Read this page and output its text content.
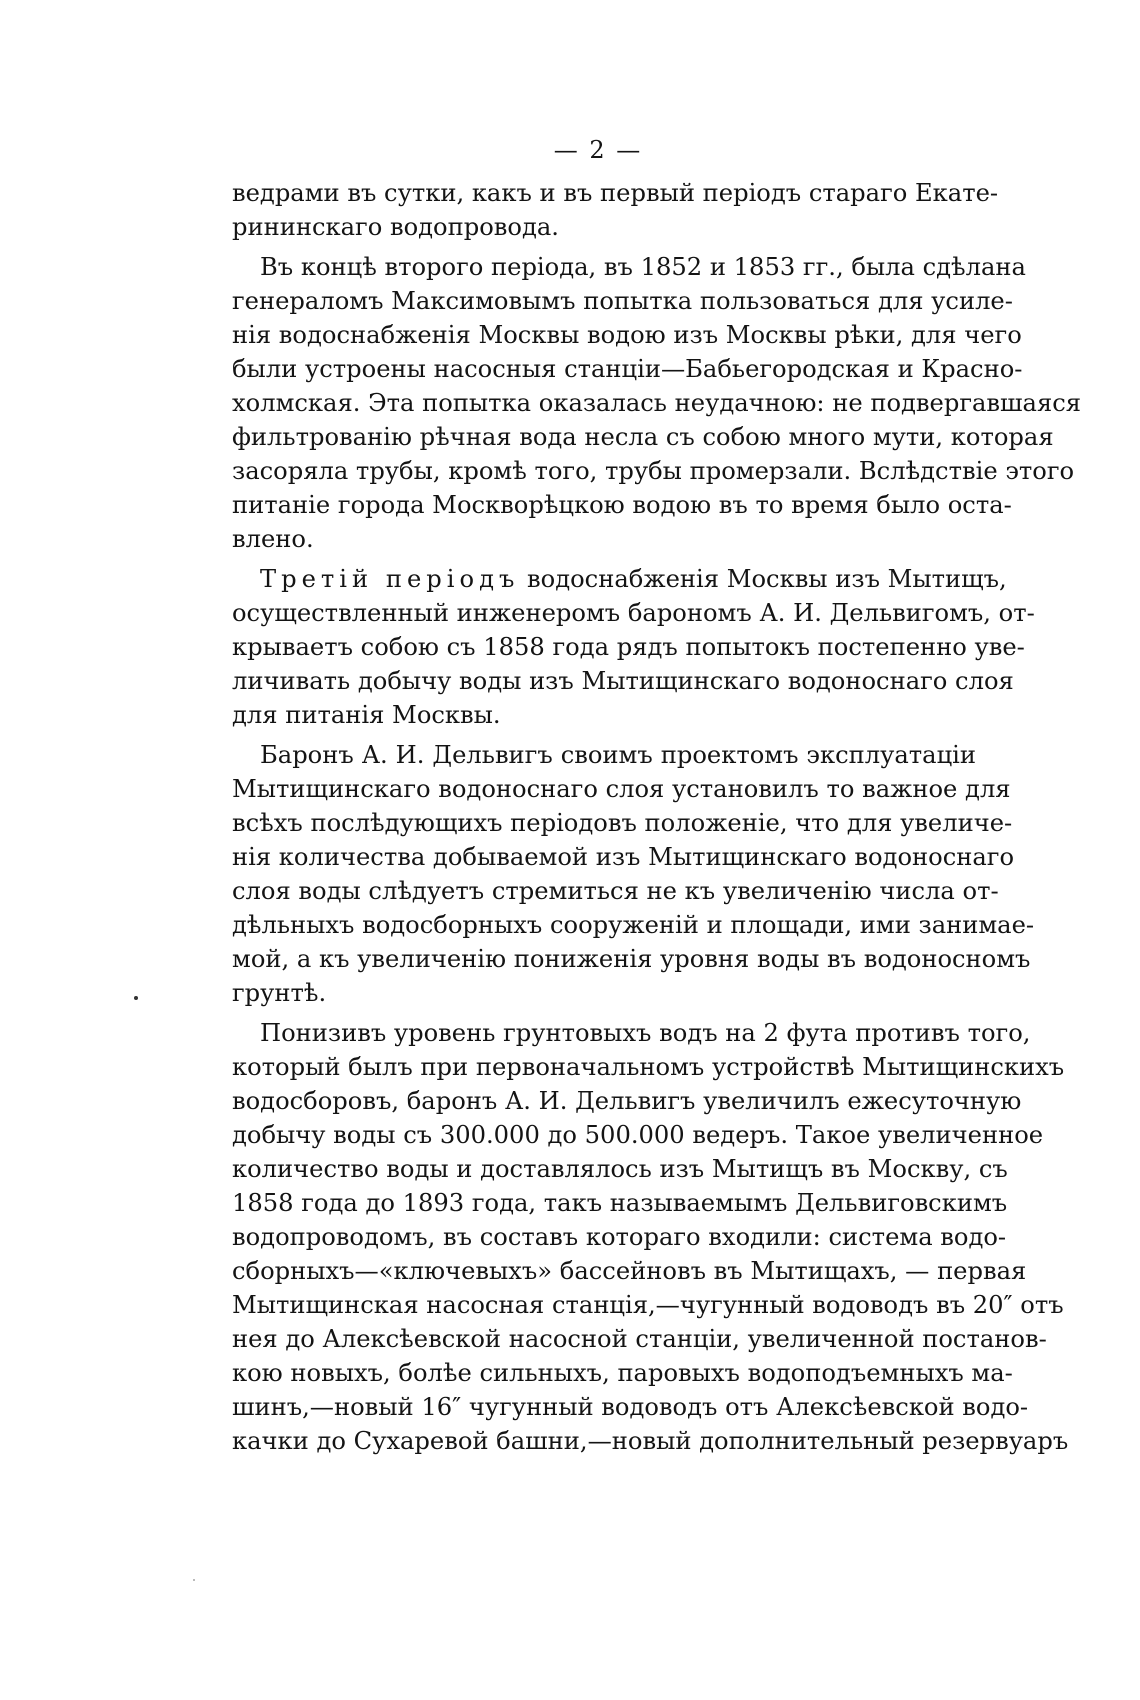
— 2 —

ведрами въ сутки, какъ и въ первый періодъ стараго Екате-
рининскаго водопровода.

Въ концѣ второго періода, въ 1852 и 1853 гг., была сдѣлана
генераломъ Максимовымъ попытка пользоваться для усиле-
нія водоснабженія Москвы водою изъ Москвы рѣки, для чего
были устроены насосныя станціи—Бабьегородская и Красно-
холмская. Эта попытка оказалась неудачною: не подвергавшаяся
фильтрованію рѣчная вода несла съ собою много мути, которая
засоряла трубы, кромѣ того, трубы промерзали. Вслѣдствіе этого
питаніе города Москворѣцкою водою въ то время было оста-
влено.

Третій періодъ водоснабженія Москвы изъ Мытищъ,
осуществленный инженеромъ барономъ А. И. Дельвигомъ, от-
крываетъ собою съ 1858 года рядъ попытокъ постепенно уве-
личивать добычу воды изъ Мытищинскаго водоноснаго слоя
для питанія Москвы.

Баронъ А. И. Дельвигъ своимъ проектомъ эксплуатаціи
Мытищинскаго водоноснаго слоя установилъ то важное для
всѣхъ послѣдующихъ періодовъ положеніе, что для увеличе-
нія количества добываемой изъ Мытищинскаго водоноснаго
слоя воды слѣдуетъ стремиться не къ увеличенію числа от-
дѣльныхъ водосборныхъ сооруженій и площади, ими занимае-
мой, а къ увеличенію пониженія уровня воды въ водоносномъ
грунтѣ.

Понизивъ уровень грунтовыхъ водъ на 2 фута противъ того,
который былъ при первоначальномъ устройствѣ Мытищинскихъ
водосборовъ, баронъ А. И. Дельвигъ увеличилъ ежесуточную
добычу воды съ 300.000 до 500.000 ведеръ. Такое увеличенное
количество воды и доставлялось изъ Мытищъ въ Москву, съ
1858 года до 1893 года, такъ называемымъ Дельвиговскимъ
водопроводомъ, въ составъ котораго входили: система водо-
сборныхъ—«ключевыхъ» бассейновъ въ Мытищахъ, — первая
Мытищинская насосная станція,—чугунный водоводъ въ 20″ отъ
нея до Алексѣевской насосной станціи, увеличенной постанов-
кою новыхъ, болѣе сильныхъ, паровыхъ водоподъемныхъ ма-
шинъ,—новый 16″ чугунный водоводъ отъ Алексѣевской водо-
качки до Сухаревой башни,—новый дополнительный резервуаръ
